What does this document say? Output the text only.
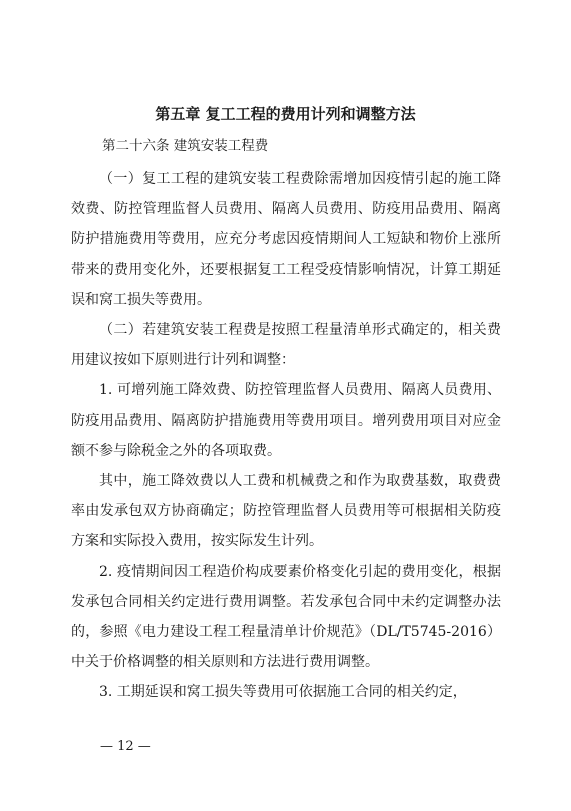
第五章 复工工程的费用计列和调整方法
第二十六条 建筑安装工程费

（一）复工工程的建筑安装工程费除需增加因疫情引起的施工降效费、防控管理监督人员费用、隔离人员费用、防疫用品费用、隔离防护措施费用等费用，应充分考虑因疫情期间人工短缺和物价上涨所带来的费用变化外，还要根据复工工程受疫情影响情况，计算工期延误和窝工损失等费用。

（二）若建筑安装工程费是按照工程量清单形式确定的，相关费用建议按如下原则进行计列和调整：

1. 可增列施工降效费、防控管理监督人员费用、隔离人员费用、防疫用品费用、隔离防护措施费用等费用项目。增列费用项目对应金额不参与除税金之外的各项取费。

其中，施工降效费以人工费和机械费之和作为取费基数，取费费率由发承包双方协商确定；防控管理监督人员费用等可根据相关防疫方案和实际投入费用，按实际发生计列。

2. 疫情期间因工程造价构成要素价格变化引起的费用变化，根据发承包合同相关约定进行费用调整。若发承包合同中未约定调整办法的，参照《电力建设工程工程量清单计价规范》（DL/T5745-2016）中关于价格调整的相关原则和方法进行费用调整。

3. 工期延误和窝工损失等费用可依据施工合同的相关约定，

— 12 —
